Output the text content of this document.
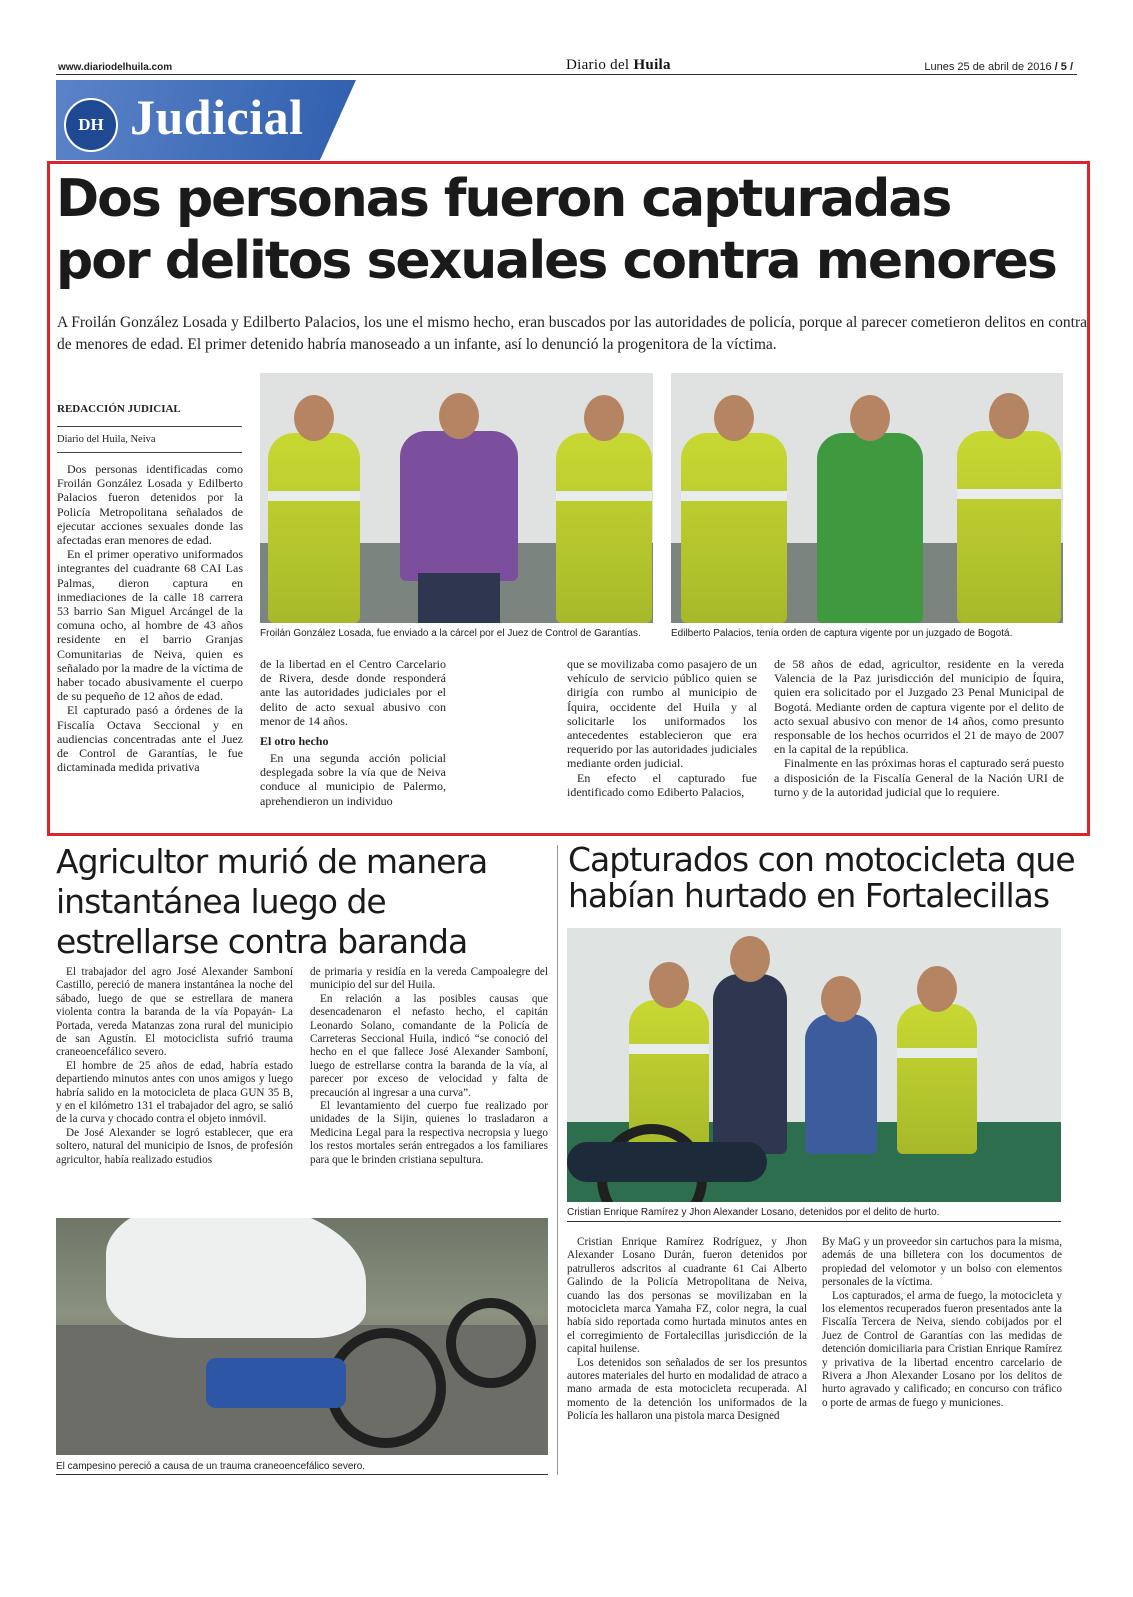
www.diariodelhuila.com	Diario del Huila	Lunes 25 de abril de 2016 / 5 /
DH Judicial
Dos personas fueron capturadas
por delitos sexuales contra menores
A Froilán González Losada y Edilberto Palacios, los une el mismo hecho, eran buscados por las autoridades de policía, porque al parecer cometieron delitos en contra de menores de edad. El primer detenido habría manoseado a un infante, así lo denunció la progenitora de la víctima.
REDACCIÓN JUDICIAL
Diario del Huila, Neiva

Dos personas identificadas como Froilán González Losada y Edilberto Palacios fueron detenidos por la Policía Metropolitana señalados de ejecutar acciones sexuales donde las afectadas eran menores de edad.

En el primer operativo uniformados integrantes del cuadrante 68 CAI Las Palmas, dieron captura en inmediaciones de la calle 18 carrera 53 barrio San Miguel Arcángel de la comuna ocho, al hombre de 43 años residente en el barrio Granjas Comunitarias de Neiva, quien es señalado por la madre de la víctima de haber tocado abusivamente el cuerpo de su pequeño de 12 años de edad.

El capturado pasó a órdenes de la Fiscalía Octava Seccional y en audiencias concentradas ante el Juez de Control de Garantías, le fue dictaminada medida privativa

Froilán González Losada, fue enviado a la cárcel por el Juez de Control de Garantías.	Edilberto Palacios, tenía orden de captura vigente por un juzgado de Bogotá.

de la libertad en el Centro Carcelario de Rivera, desde donde responderá ante las autoridades judiciales por el delito de acto sexual abusivo con menor de 14 años.

El otro hecho

En una segunda acción policial desplegada sobre la vía que de Neiva conduce al municipio de Palermo, aprehendieron un individuo

que se movilizaba como pasajero de un vehículo de servicio público quien se dirigía con rumbo al municipio de Íquira, occidente del Huila y al solicitarle los uniformados los antecedentes establecieron que era requerido por las autoridades judiciales mediante orden judicial.

En efecto el capturado fue identificado como Ediberto Palacios,

de 58 años de edad, agricultor, residente en la vereda Valencia de la Paz jurisdicción del municipio de Íquira, quien era solicitado por el Juzgado 23 Penal Municipal de Bogotá. Mediante orden de captura vigente por el delito de acto sexual abusivo con menor de 14 años, como presunto responsable de los hechos ocurridos el 21 de mayo de 2007 en la capital de la república.

Finalmente en las próximas horas el capturado será puesto a disposición de la Fiscalía General de la Nación URI de turno y de la autoridad judicial que lo requiere.

Agricultor murió de manera instantánea luego de estrellarse contra baranda

El trabajador del agro José Alexander Samboní Castillo, pereció de manera instantánea la noche del sábado, luego de que se estrellara de manera violenta contra la baranda de la vía Popayán- La Portada, vereda Matanzas zona rural del municipio de san Agustín. El motociclista sufrió trauma craneoencefálico severo.

El hombre de 25 años de edad, habría estado departiendo minutos antes con unos amigos y luego habría salido en la motocicleta de placa GUN 35 B, y en el kilómetro 131 el trabajador del agro, se salió de la curva y chocado contra el objeto inmóvil.

De José Alexander se logró establecer, que era soltero, natural del municipio de Isnos, de profesión agricultor, había realizado estudios

de primaria y residía en la vereda Campoalegre del municipio del sur del Huila.

En relación a las posibles causas que desencadenaron el nefasto hecho, el capitán Leonardo Solano, comandante de la Policía de Carreteras Seccional Huila, indicó “se conoció del hecho en el que fallece José Alexander Samboní, luego de estrellarse contra la baranda de la vía, al parecer por exceso de velocidad y falta de precaución al ingresar a una curva”.

El levantamiento del cuerpo fue realizado por unidades de la Sijin, quienes lo trasladaron a Medicina Legal para la respectiva necropsia y luego los restos mortales serán entregados a los familiares para que le brinden cristiana sepultura.

El campesino pereció a causa de un trauma craneoencefálico severo.
Capturados con motocicleta que habían hurtado en Fortalecillas
Cristian Enrique Ramírez y Jhon Alexander Losano, detenidos por el delito de hurto.

Cristian Enrique Ramírez Rodríguez, y Jhon Alexander Losano Durán, fueron detenidos por patrulleros adscritos al cuadrante 61 Cai Alberto Galindo de la Policía Metropolitana de Neiva, cuando las dos personas se movilizaban en la motocicleta marca Yamaha FZ, color negra, la cual había sido reportada como hurtada minutos antes en el corregimiento de Fortalecillas jurisdicción de la capital huilense.

Los detenidos son señalados de ser los presuntos autores materiales del hurto en modalidad de atraco a mano armada de esta motocicleta recuperada. Al momento de la detención los uniformados de la Policía les hallaron una pistola marca Designed

By MaG y un proveedor sin cartuchos para la misma, además de una billetera con los documentos de propiedad del velomotor y un bolso con elementos personales de la víctima.

Los capturados, el arma de fuego, la motocicleta y los elementos recuperados fueron presentados ante la Fiscalía Tercera de Neiva, siendo cobijados por el Juez de Control de Garantías con las medidas de detención domiciliaria para Cristian Enrique Ramírez y privativa de la libertad encentro carcelario de Rivera a Jhon Alexander Losano por los delitos de hurto agravado y calificado; en concurso con tráfico o porte de armas de fuego y municiones.
